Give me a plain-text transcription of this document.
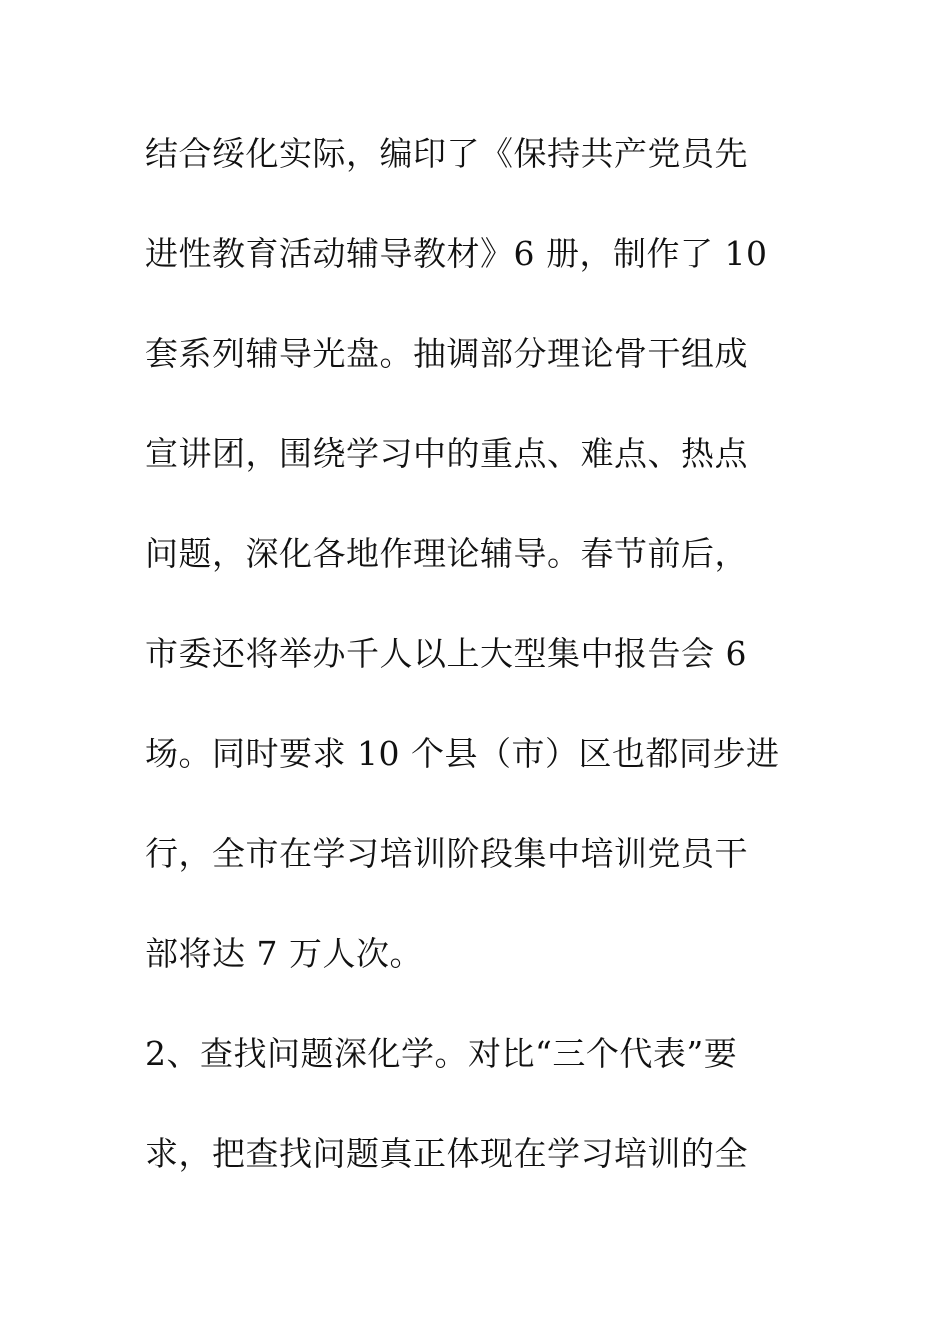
结合绥化实际，编印了《保持共产党员先
进性教育活动辅导教材》6 册，制作了 10
套系列辅导光盘。抽调部分理论骨干组成
宣讲团，围绕学习中的重点、难点、热点
问题，深化各地作理论辅导。春节前后，
市委还将举办千人以上大型集中报告会 6
场。同时要求 10 个县（市）区也都同步进
行，全市在学习培训阶段集中培训党员干
部将达 7 万人次。
2、查找问题深化学。对比“三个代表”要
求，把查找问题真正体现在学习培训的全
